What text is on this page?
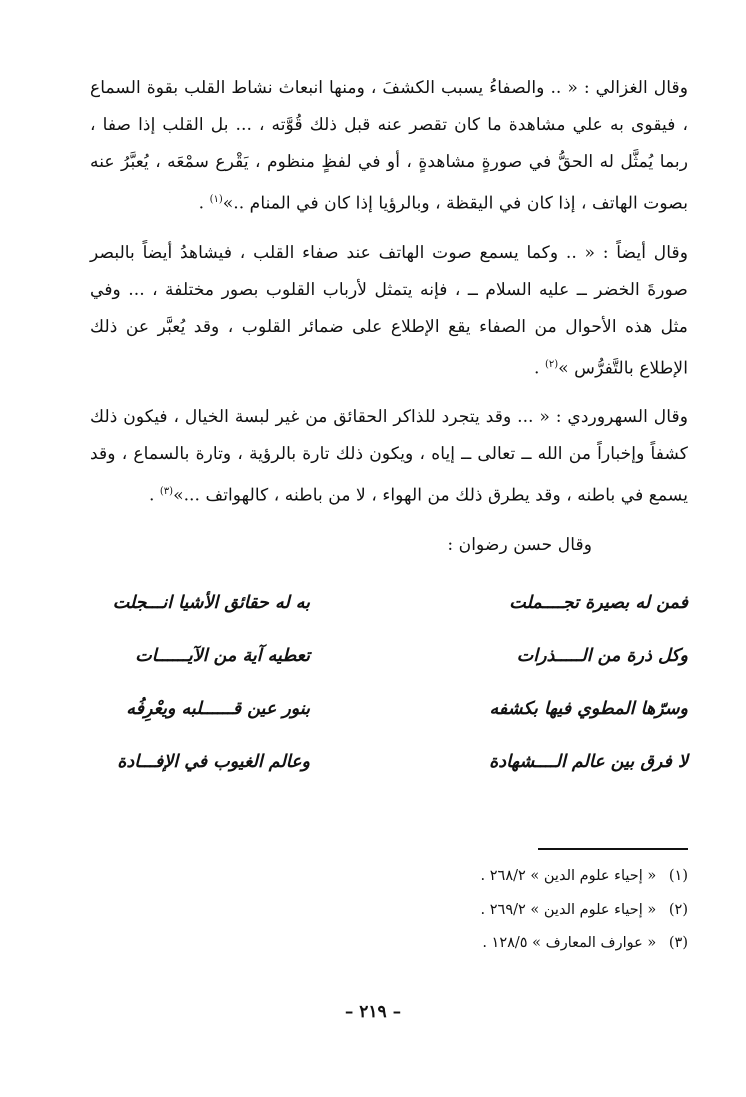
وقال الغزالي : « .. والصفاءُ يسبب الكشفَ ، ومنها انبعاث نشاط القلب بقوة السماع ، فيقوى به علي مشاهدة ما كان تقصر عنه قبل ذلك قُوَّته ، ... بل القلب إذا صفا ، ربما يُمثَّل له الحقُّ في صورةٍ مشاهدةٍ ، أو في لفظٍ منظوم ، يَقْرع سمْعَه ، يُعبَّرُ عنه بصوت الهاتف ، إذا كان في اليقظة ، وبالرؤيا إذا كان في المنام ..»$^{(١)}$ .

وقال أيضاً : « .. وكما يسمع صوت الهاتف عند صفاء القلب ، فيشاهدُ أيضاً بالبصر صورةَ الخضر ــ عليه السلام ــ ، فإنه يتمثل لأرباب القلوب بصور مختلفة ، ... وفي مثل هذه الأحوال من الصفاء يقع الإطلاع على ضمائر القلوب ، وقد يُعبَّر عن ذلك الإطلاع بالتَّفرُّس »$^{(٢)}$ .

وقال السهروردي : « ... وقد يتجرد للذاكر الحقائق من غير لبسة الخيال ، فيكون ذلك كشفاً وإخباراً من الله ــ تعالى ــ إياه ، ويكون ذلك تارة بالرؤية ، وتارة بالسماع ، وقد يسمع في باطنه ، وقد يطرق ذلك من الهواء ، لا من باطنه ، كالهواتف ...»$^{(٣)}$ .

وقال حسن رضوان :

فمن له بصيرة تجــــملت
به له حقائق الأشيا انـــجلت
وكل ذرة من الـــــذرات
تعطيه آية من الآيــــــات
وسرّها المطوي فيها بكشفه
بنور عين قــــــلبه ويعْرِفُه
لا فرق بين عالم الــــشهادة
وعالم الغيوب في الإفـــادة
(١) « إحياء علوم الدين » ٢٦٨/٢ .
(٢) « إحياء علوم الدين » ٢٦٩/٢ .
(٣) « عوارف المعارف » ١٢٨/٥ .
– ٢١٩ –
